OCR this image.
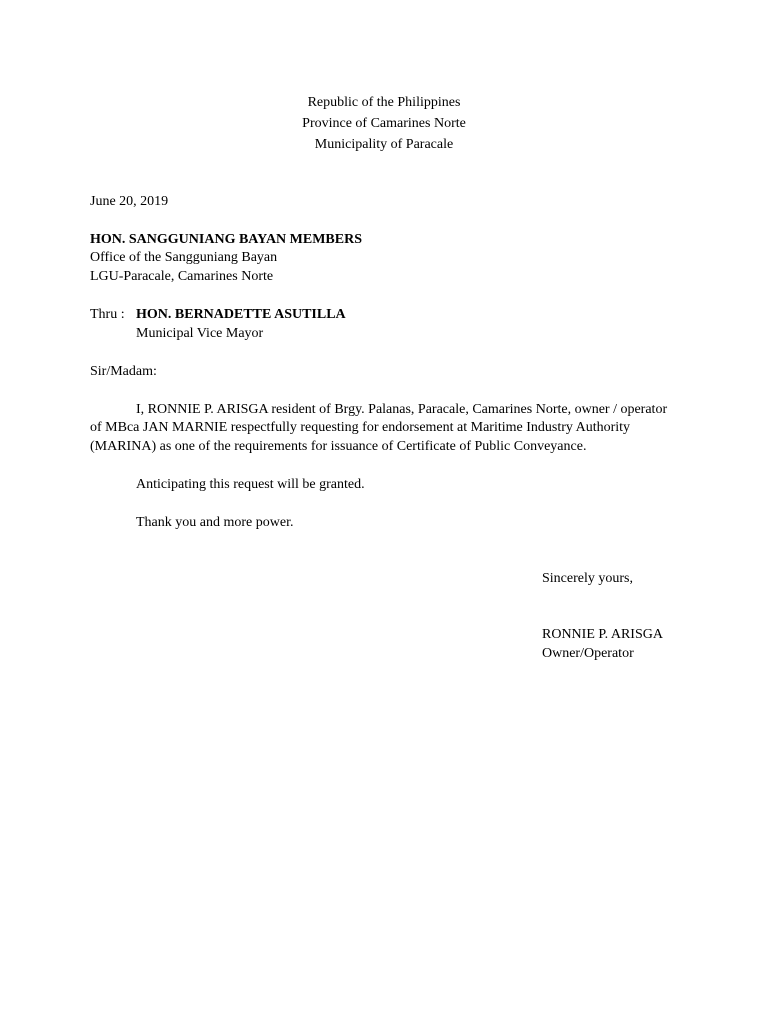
Republic of the Philippines
Province of Camarines Norte
Municipality of Paracale
June 20, 2019
HON. SANGGUNIANG BAYAN MEMBERS
Office of the Sangguniang Bayan
LGU-Paracale, Camarines Norte
Thru : HON. BERNADETTE ASUTILLA
Municipal Vice Mayor
Sir/Madam:
I, RONNIE P. ARISGA resident of Brgy. Palanas, Paracale, Camarines Norte, owner / operator
of MBca JAN MARNIE respectfully requesting for endorsement at Maritime Industry Authority
(MARINA) as one of the requirements for issuance of Certificate of Public Conveyance.
Anticipating this request will be granted.
Thank you and more power.
Sincerely yours,
RONNIE P. ARISGA
Owner/Operator
